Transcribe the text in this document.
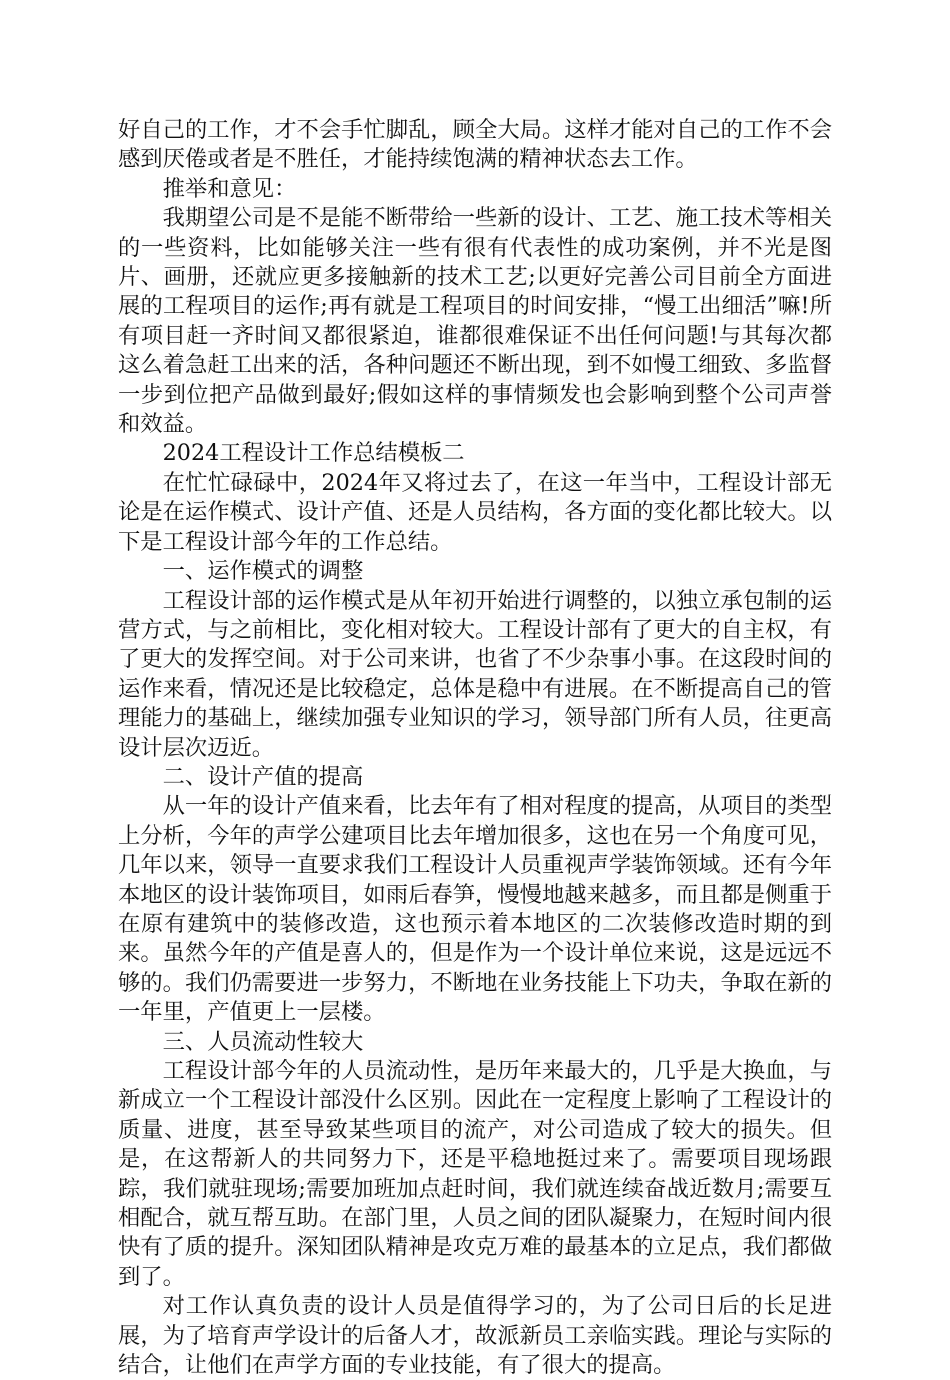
好自己的工作，才不会手忙脚乱，顾全大局。这样才能对自己的工作不会感到厌倦或者是不胜任，才能持续饱满的精神状态去工作。

推举和意见：

我期望公司是不是能不断带给一些新的设计、工艺、施工技术等相关的一些资料，比如能够关注一些有很有代表性的成功案例，并不光是图片、画册，还就应更多接触新的技术工艺;以更好完善公司目前全方面进展的工程项目的运作;再有就是工程项目的时间安排，“慢工出细活”嘛!所有项目赶一齐时间又都很紧迫，谁都很难保证不出任何问题!与其每次都这么着急赶工出来的活，各种问题还不断出现，到不如慢工细致、多监督一步到位把产品做到最好;假如这样的事情频发也会影响到整个公司声誉和效益。

2024工程设计工作总结模板二

在忙忙碌碌中，2024年又将过去了，在这一年当中，工程设计部无论是在运作模式、设计产值、还是人员结构，各方面的变化都比较大。以下是工程设计部今年的工作总结。

一、运作模式的调整

工程设计部的运作模式是从年初开始进行调整的，以独立承包制的运营方式，与之前相比，变化相对较大。工程设计部有了更大的自主权，有了更大的发挥空间。对于公司来讲，也省了不少杂事小事。在这段时间的运作来看，情况还是比较稳定，总体是稳中有进展。在不断提高自己的管理能力的基础上，继续加强专业知识的学习，领导部门所有人员，往更高设计层次迈近。

二、设计产值的提高

从一年的设计产值来看，比去年有了相对程度的提高，从项目的类型上分析，今年的声学公建项目比去年增加很多，这也在另一个角度可见，几年以来，领导一直要求我们工程设计人员重视声学装饰领域。还有今年本地区的设计装饰项目，如雨后春笋，慢慢地越来越多，而且都是侧重于在原有建筑中的装修改造，这也预示着本地区的二次装修改造时期的到来。虽然今年的产值是喜人的，但是作为一个设计单位来说，这是远远不够的。我们仍需要进一步努力，不断地在业务技能上下功夫，争取在新的一年里，产值更上一层楼。

三、人员流动性较大

工程设计部今年的人员流动性，是历年来最大的，几乎是大换血，与新成立一个工程设计部没什么区别。因此在一定程度上影响了工程设计的质量、进度，甚至导致某些项目的流产，对公司造成了较大的损失。但是，在这帮新人的共同努力下，还是平稳地挺过来了。需要项目现场跟踪，我们就驻现场;需要加班加点赶时间，我们就连续奋战近数月;需要互相配合，就互帮互助。在部门里，人员之间的团队凝聚力，在短时间内很快有了质的提升。深知团队精神是攻克万难的最基本的立足点，我们都做到了。

对工作认真负责的设计人员是值得学习的，为了公司日后的长足进展，为了培育声学设计的后备人才，故派新员工亲临实践。理论与实际的结合，让他们在声学方面的专业技能，有了很大的提高。
